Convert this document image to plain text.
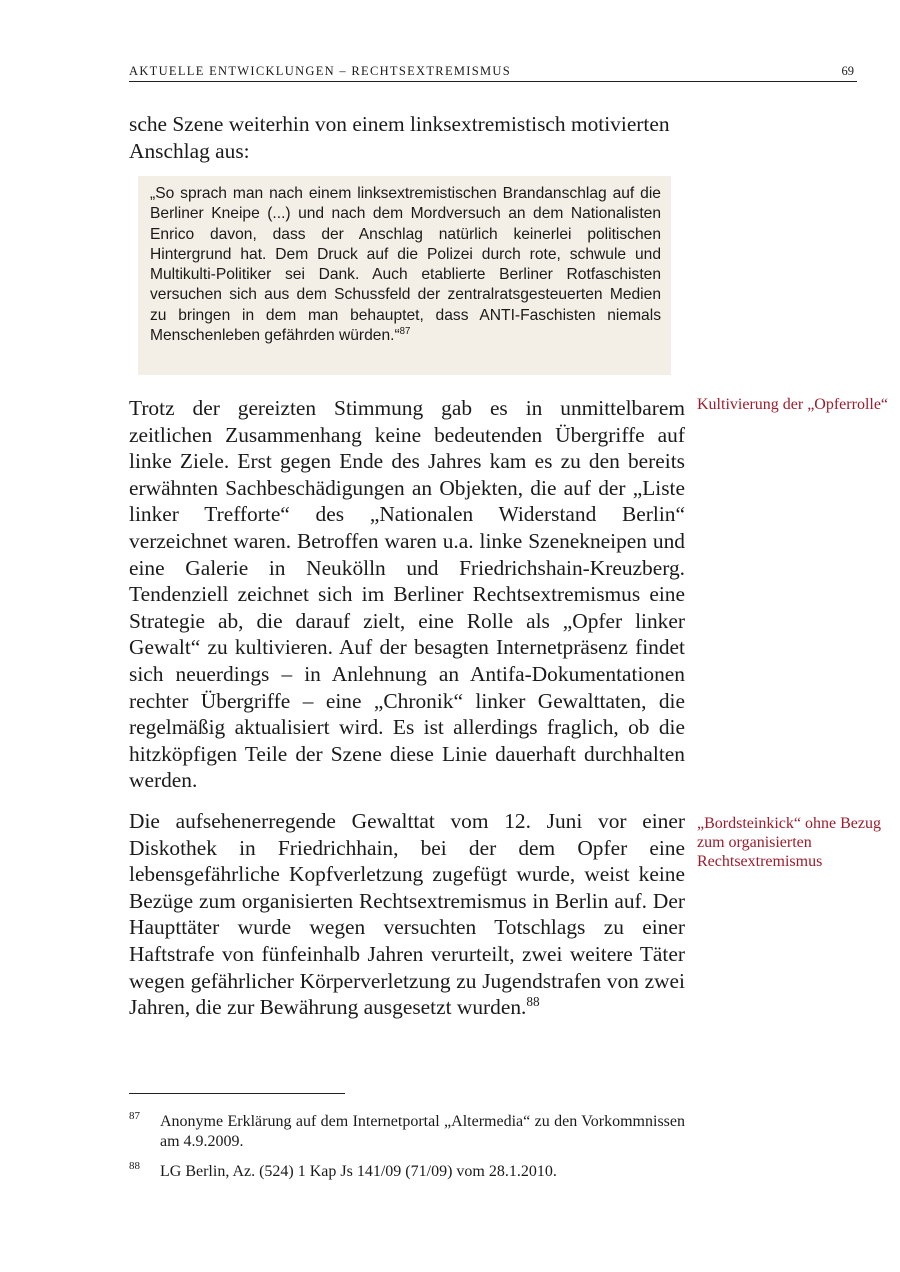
AKTUELLE ENTWICKLUNGEN – RECHTSEXTREMISMUS	69
sche Szene weiterhin von einem linksextremistisch motivierten Anschlag aus:
„So sprach man nach einem linksextremistischen Brandanschlag auf die Berliner Kneipe (...) und nach dem Mordversuch an dem Nationalisten Enrico davon, dass der Anschlag natürlich keinerlei politischen Hintergrund hat. Dem Druck auf die Polizei durch rote, schwule und Multikulti-Politiker sei Dank. Auch etablierte Berliner Rotfaschisten versuchen sich aus dem Schussfeld der zentralratsgesteuerten Medien zu bringen in dem man behauptet, dass ANTI-Faschisten niemals Menschenleben gefährden würden.“$^{87}$
Trotz der gereizten Stimmung gab es in unmittelbarem zeitlichen Zusammenhang keine bedeutenden Übergriffe auf linke Ziele. Erst gegen Ende des Jahres kam es zu den bereits erwähnten Sachbeschädigungen an Objekten, die auf der „Liste linker Trefforte“ des „Nationalen Widerstand Berlin“ verzeichnet waren. Betroffen waren u.a. linke Szenekneipen und eine Galerie in Neukölln und Friedrichshain-Kreuzberg. Tendenziell zeichnet sich im Berliner Rechtsextremismus eine Strategie ab, die darauf zielt, eine Rolle als „Opfer linker Gewalt“ zu kultivieren. Auf der besagten Internetpräsenz findet sich neuerdings – in Anlehnung an Antifa-Dokumentationen rechter Übergriffe – eine „Chronik“ linker Gewalttaten, die regelmäßig aktualisiert wird. Es ist allerdings fraglich, ob die hitzköpfigen Teile der Szene diese Linie dauerhaft durchhalten werden.
Kultivierung der „Opferrolle“
Die aufsehenerregende Gewalttat vom 12. Juni vor einer Diskothek in Friedrichhain, bei der dem Opfer eine lebensgefährliche Kopfverletzung zugefügt wurde, weist keine Bezüge zum organisierten Rechtsextremismus in Berlin auf. Der Haupttäter wurde wegen versuchten Totschlags zu einer Haftstrafe von fünfeinhalb Jahren verurteilt, zwei weitere Täter wegen gefährlicher Körperverletzung zu Jugendstrafen von zwei Jahren, die zur Bewährung ausgesetzt wurden.$^{88}$
„Bordsteinkick“ ohne Bezug zum organisierten Rechtsextremismus
87 Anonyme Erklärung auf dem Internetportal „Altermedia“ zu den Vorkommnissen am 4.9.2009.
88 LG Berlin, Az. (524) 1 Kap Js 141/09 (71/09) vom 28.1.2010.
